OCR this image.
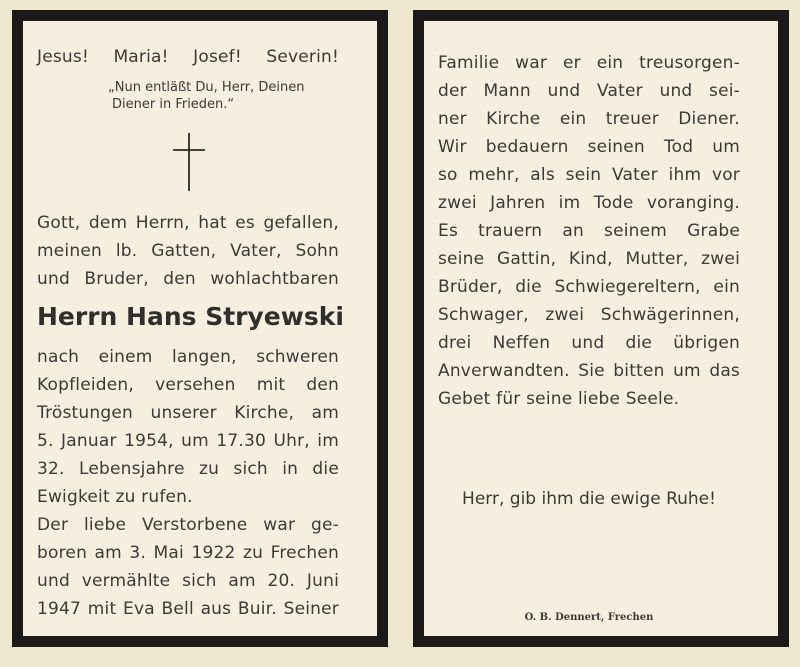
Jesus! Maria! Josef! Severin!
„Nun entläßt Du, Herr, Deinen
Diener in Frieden.“
Gott, dem Herrn, hat es gefallen,
meinen lb. Gatten, Vater, Sohn
und Bruder, den wohlachtbaren
Herrn Hans Stryewski
nach einem langen, schweren
Kopfleiden, versehen mit den
Tröstungen unserer Kirche, am
5. Januar 1954, um 17.30 Uhr, im
32. Lebensjahre zu sich in die
Ewigkeit zu rufen.
Der liebe Verstorbene war ge-
boren am 3. Mai 1922 zu Frechen
und vermählte sich am 20. Juni
1947 mit Eva Bell aus Buir. Seiner
Familie war er ein treusorgen-
der Mann und Vater und sei-
ner Kirche ein treuer Diener.
Wir bedauern seinen Tod um
so mehr, als sein Vater ihm vor
zwei Jahren im Tode voranging.
Es trauern an seinem Grabe
seine Gattin, Kind, Mutter, zwei
Brüder, die Schwiegereltern, ein
Schwager, zwei Schwägerinnen,
drei Neffen und die übrigen
Anverwandten. Sie bitten um das
Gebet für seine liebe Seele.
Herr, gib ihm die ewige Ruhe!
O. B. Dennert, Frechen
